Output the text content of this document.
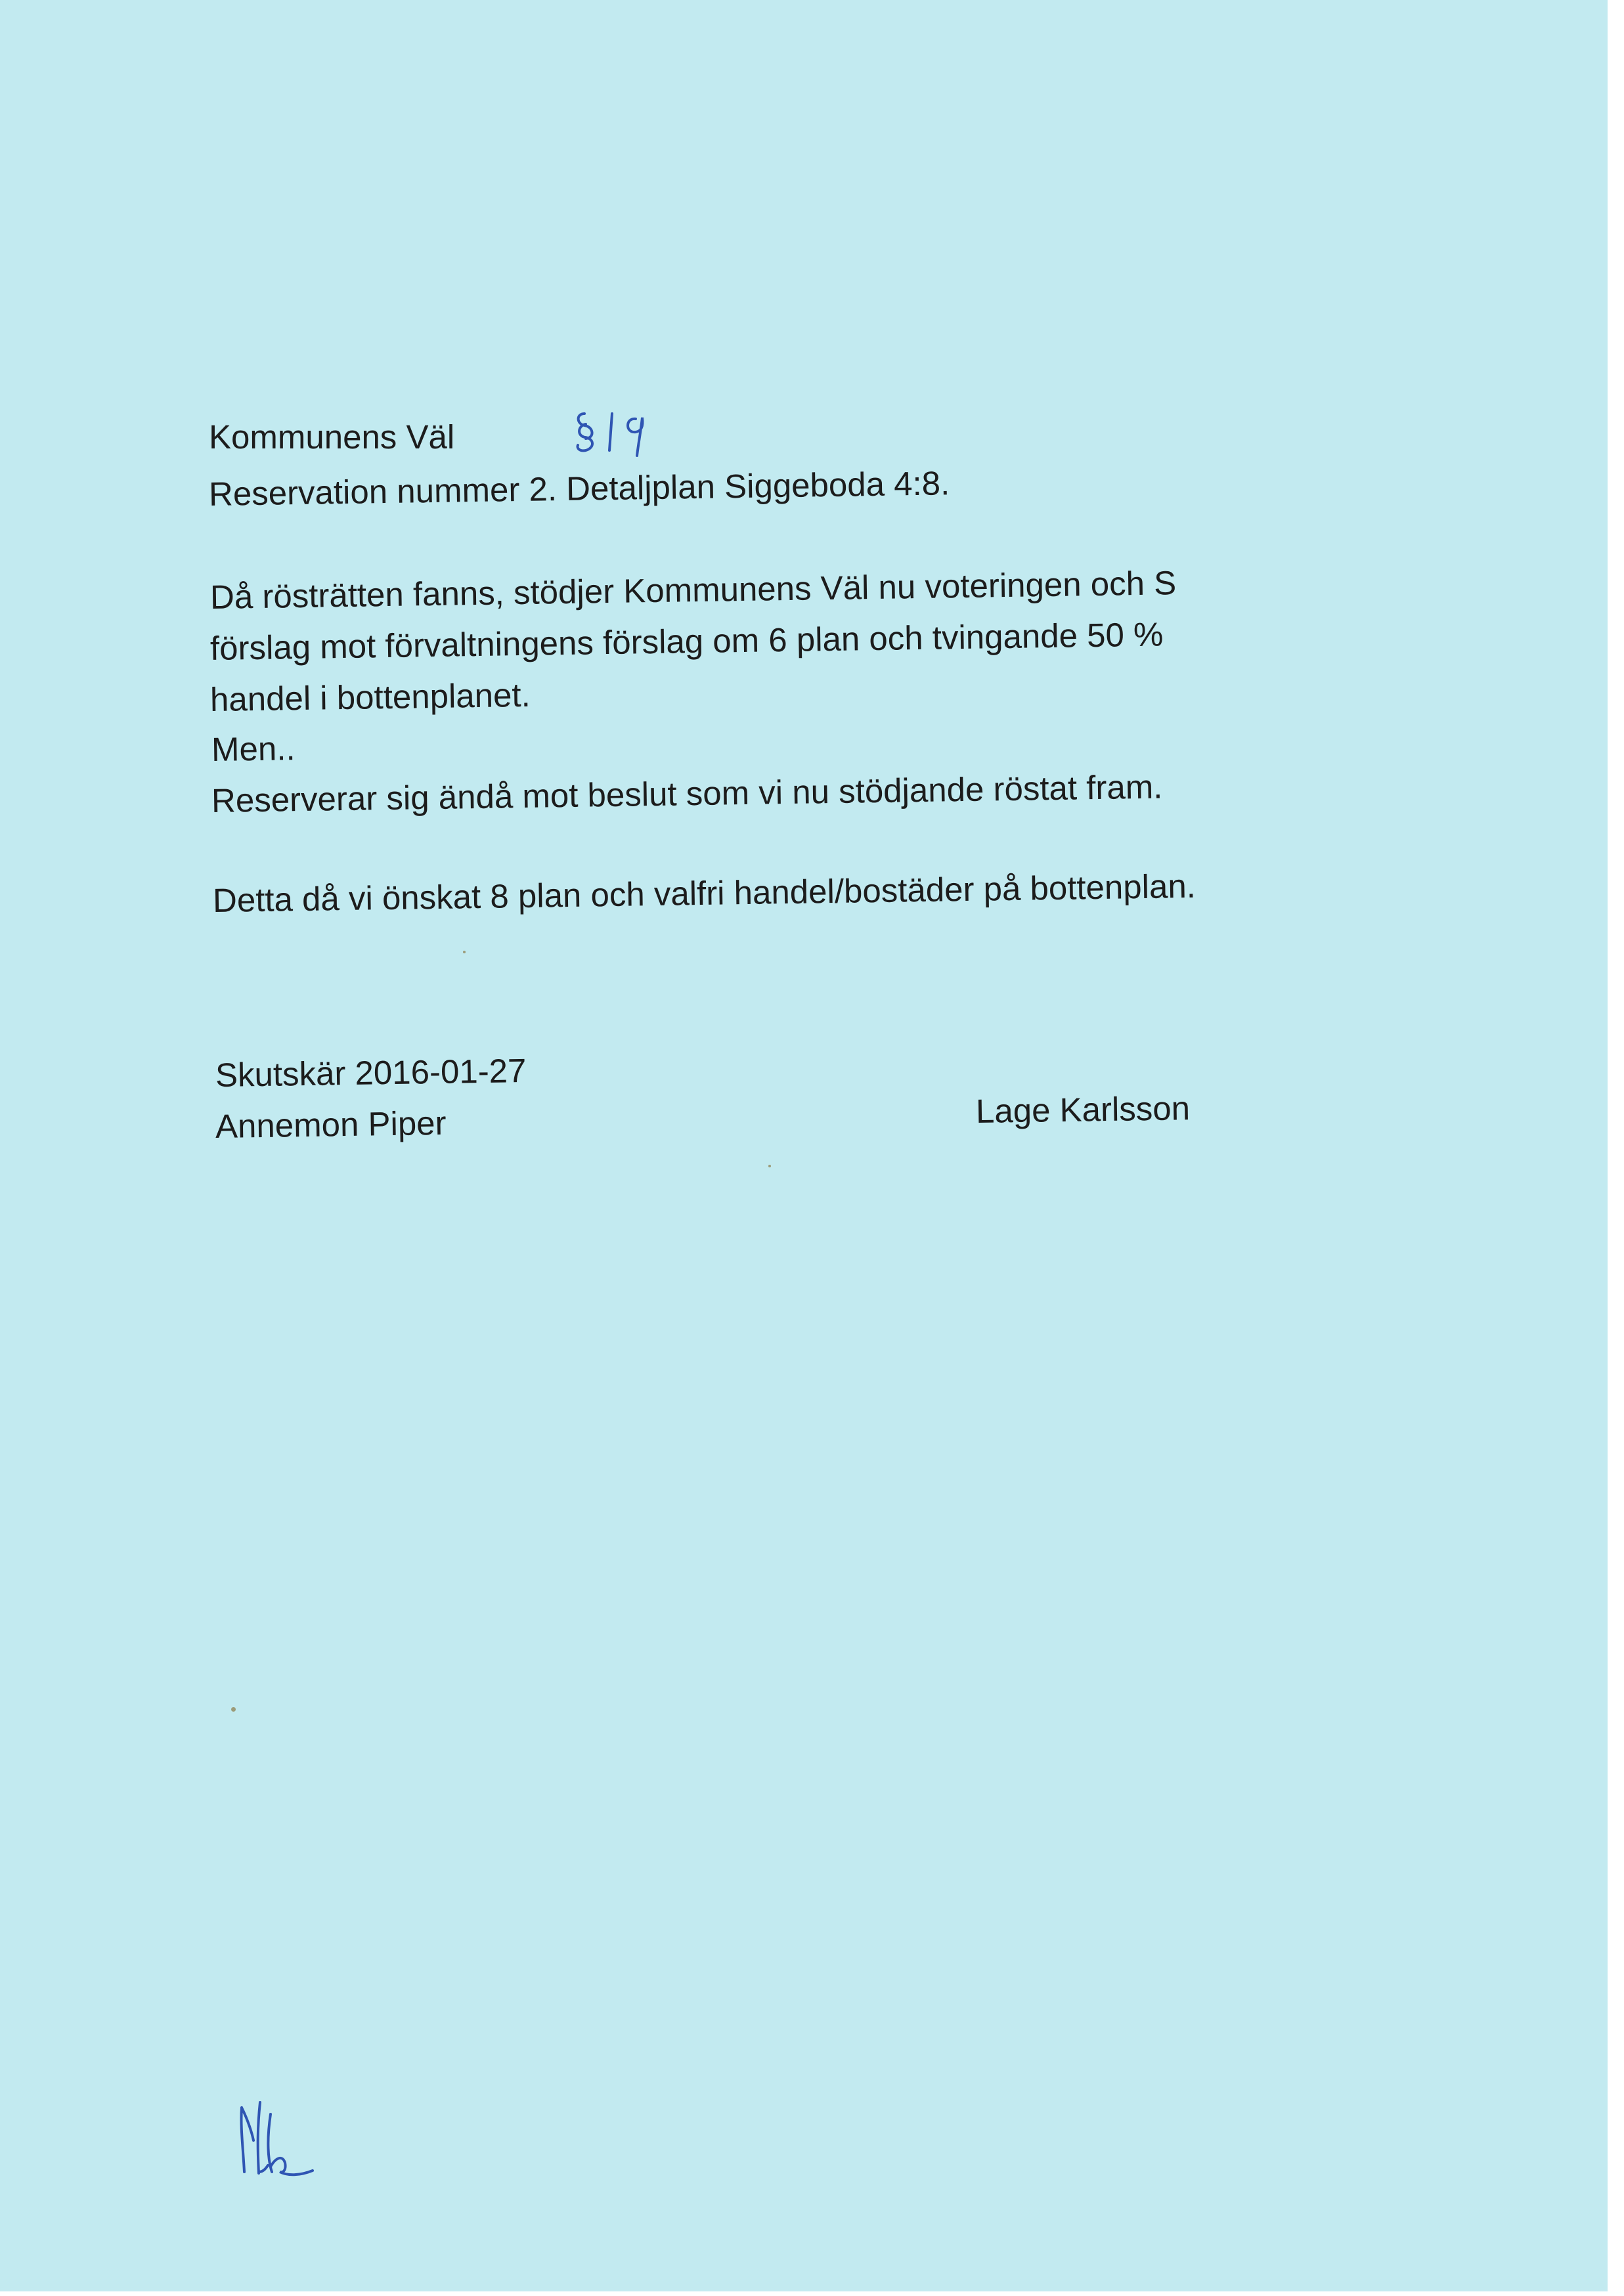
Kommunens Väl
Reservation nummer 2. Detaljplan Siggeboda 4:8.
Då rösträtten fanns, stödjer Kommunens Väl nu voteringen och S
förslag mot förvaltningens förslag om 6 plan och tvingande 50 %
handel i bottenplanet.
Men..
Reserverar sig ändå mot beslut som vi nu stödjande röstat fram.
Detta då vi önskat 8 plan och valfri handel/bostäder på bottenplan.
Skutskär 2016-01-27
Annemon Piper	Lage Karlsson
